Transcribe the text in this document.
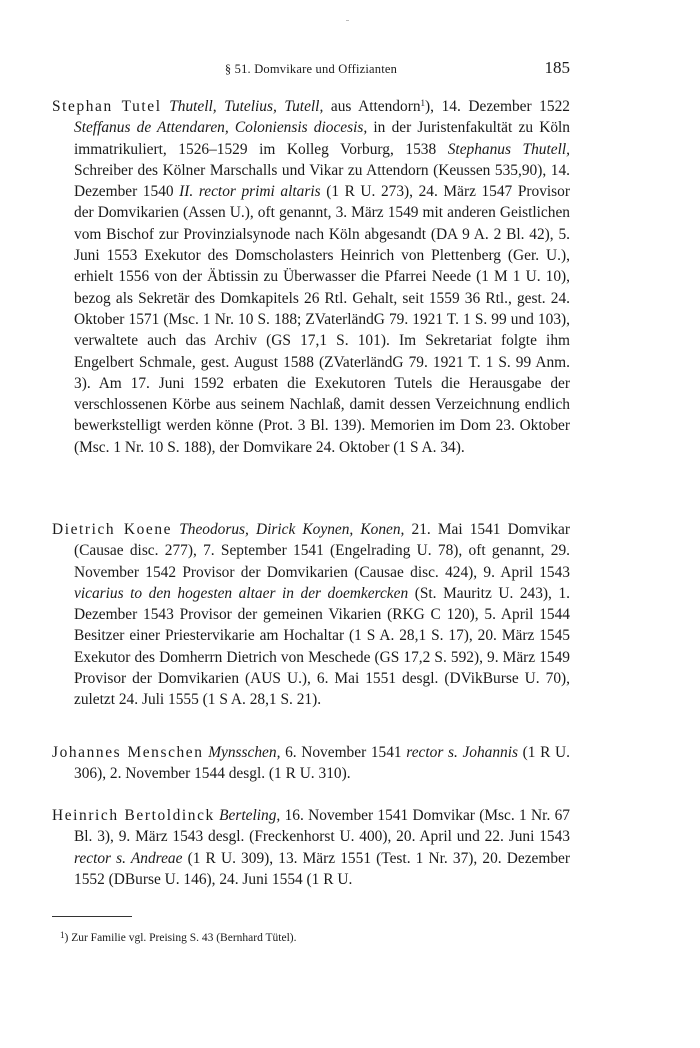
§ 51. Domvikare und Offizianten	185

Stephan Tutel Thutell, Tutelius, Tutell, aus Attendorn$^1$), 14. Dezember 1522 Steffanus de Attendaren, Coloniensis diocesis, in der Juristenfakultät zu Köln immatrikuliert, 1526–1529 im Kolleg Vorburg, 1538 Stephanus Thutell, Schreiber des Kölner Marschalls und Vikar zu Attendorn (Keussen 535,90), 14. Dezember 1540 II. rector primi altaris (1 R U. 273), 24. März 1547 Provisor der Domvikarien (Assen U.), oft genannt, 3. März 1549 mit anderen Geistlichen vom Bischof zur Provinzialsynode nach Köln abgesandt (DA 9 A. 2 Bl. 42), 5. Juni 1553 Exekutor des Domscholasters Heinrich von Plettenberg (Ger. U.), erhielt 1556 von der Äbtissin zu Überwasser die Pfarrei Neede (1 M 1 U. 10), bezog als Sekretär des Domkapitels 26 Rtl. Gehalt, seit 1559 36 Rtl., gest. 24. Oktober 1571 (Msc. 1 Nr. 10 S. 188; ZVaterländG 79. 1921 T. 1 S. 99 und 103), verwaltete auch das Archiv (GS 17,1 S. 101). Im Sekretariat folgte ihm Engelbert Schmale, gest. August 1588 (ZVaterländG 79. 1921 T. 1 S. 99 Anm. 3). Am 17. Juni 1592 erbaten die Exekutoren Tutels die Herausgabe der verschlossenen Körbe aus seinem Nachlaß, damit dessen Verzeichnung endlich bewerkstelligt werden könne (Prot. 3 Bl. 139). Memorien im Dom 23. Oktober (Msc. 1 Nr. 10 S. 188), der Domvikare 24. Oktober (1 S A. 34).

Dietrich Koene Theodorus, Dirick Koynen, Konen, 21. Mai 1541 Domvikar (Causae disc. 277), 7. September 1541 (Engelrading U. 78), oft genannt, 29. November 1542 Provisor der Domvikarien (Causae disc. 424), 9. April 1543 vicarius to den hogesten altaer in der doemkercken (St. Mauritz U. 243), 1. Dezember 1543 Provisor der gemeinen Vikarien (RKG C 120), 5. April 1544 Besitzer einer Priestervikarie am Hochaltar (1 S A. 28,1 S. 17), 20. März 1545 Exekutor des Domherrn Dietrich von Meschede (GS 17,2 S. 592), 9. März 1549 Provisor der Domvikarien (AUS U.), 6. Mai 1551 desgl. (DVikBurse U. 70), zuletzt 24. Juli 1555 (1 S A. 28,1 S. 21).

Johannes Menschen Mynsschen, 6. November 1541 rector s. Johannis (1 R U. 306), 2. November 1544 desgl. (1 R U. 310).

Heinrich Bertoldinck Berteling, 16. November 1541 Domvikar (Msc. 1 Nr. 67 Bl. 3), 9. März 1543 desgl. (Freckenhorst U. 400), 20. April und 22. Juni 1543 rector s. Andreae (1 R U. 309), 13. März 1551 (Test. 1 Nr. 37), 20. Dezember 1552 (DBurse U. 146), 24. Juni 1554 (1 R U.

$^1$) Zur Familie vgl. Preising S. 43 (Bernhard Tütel).
